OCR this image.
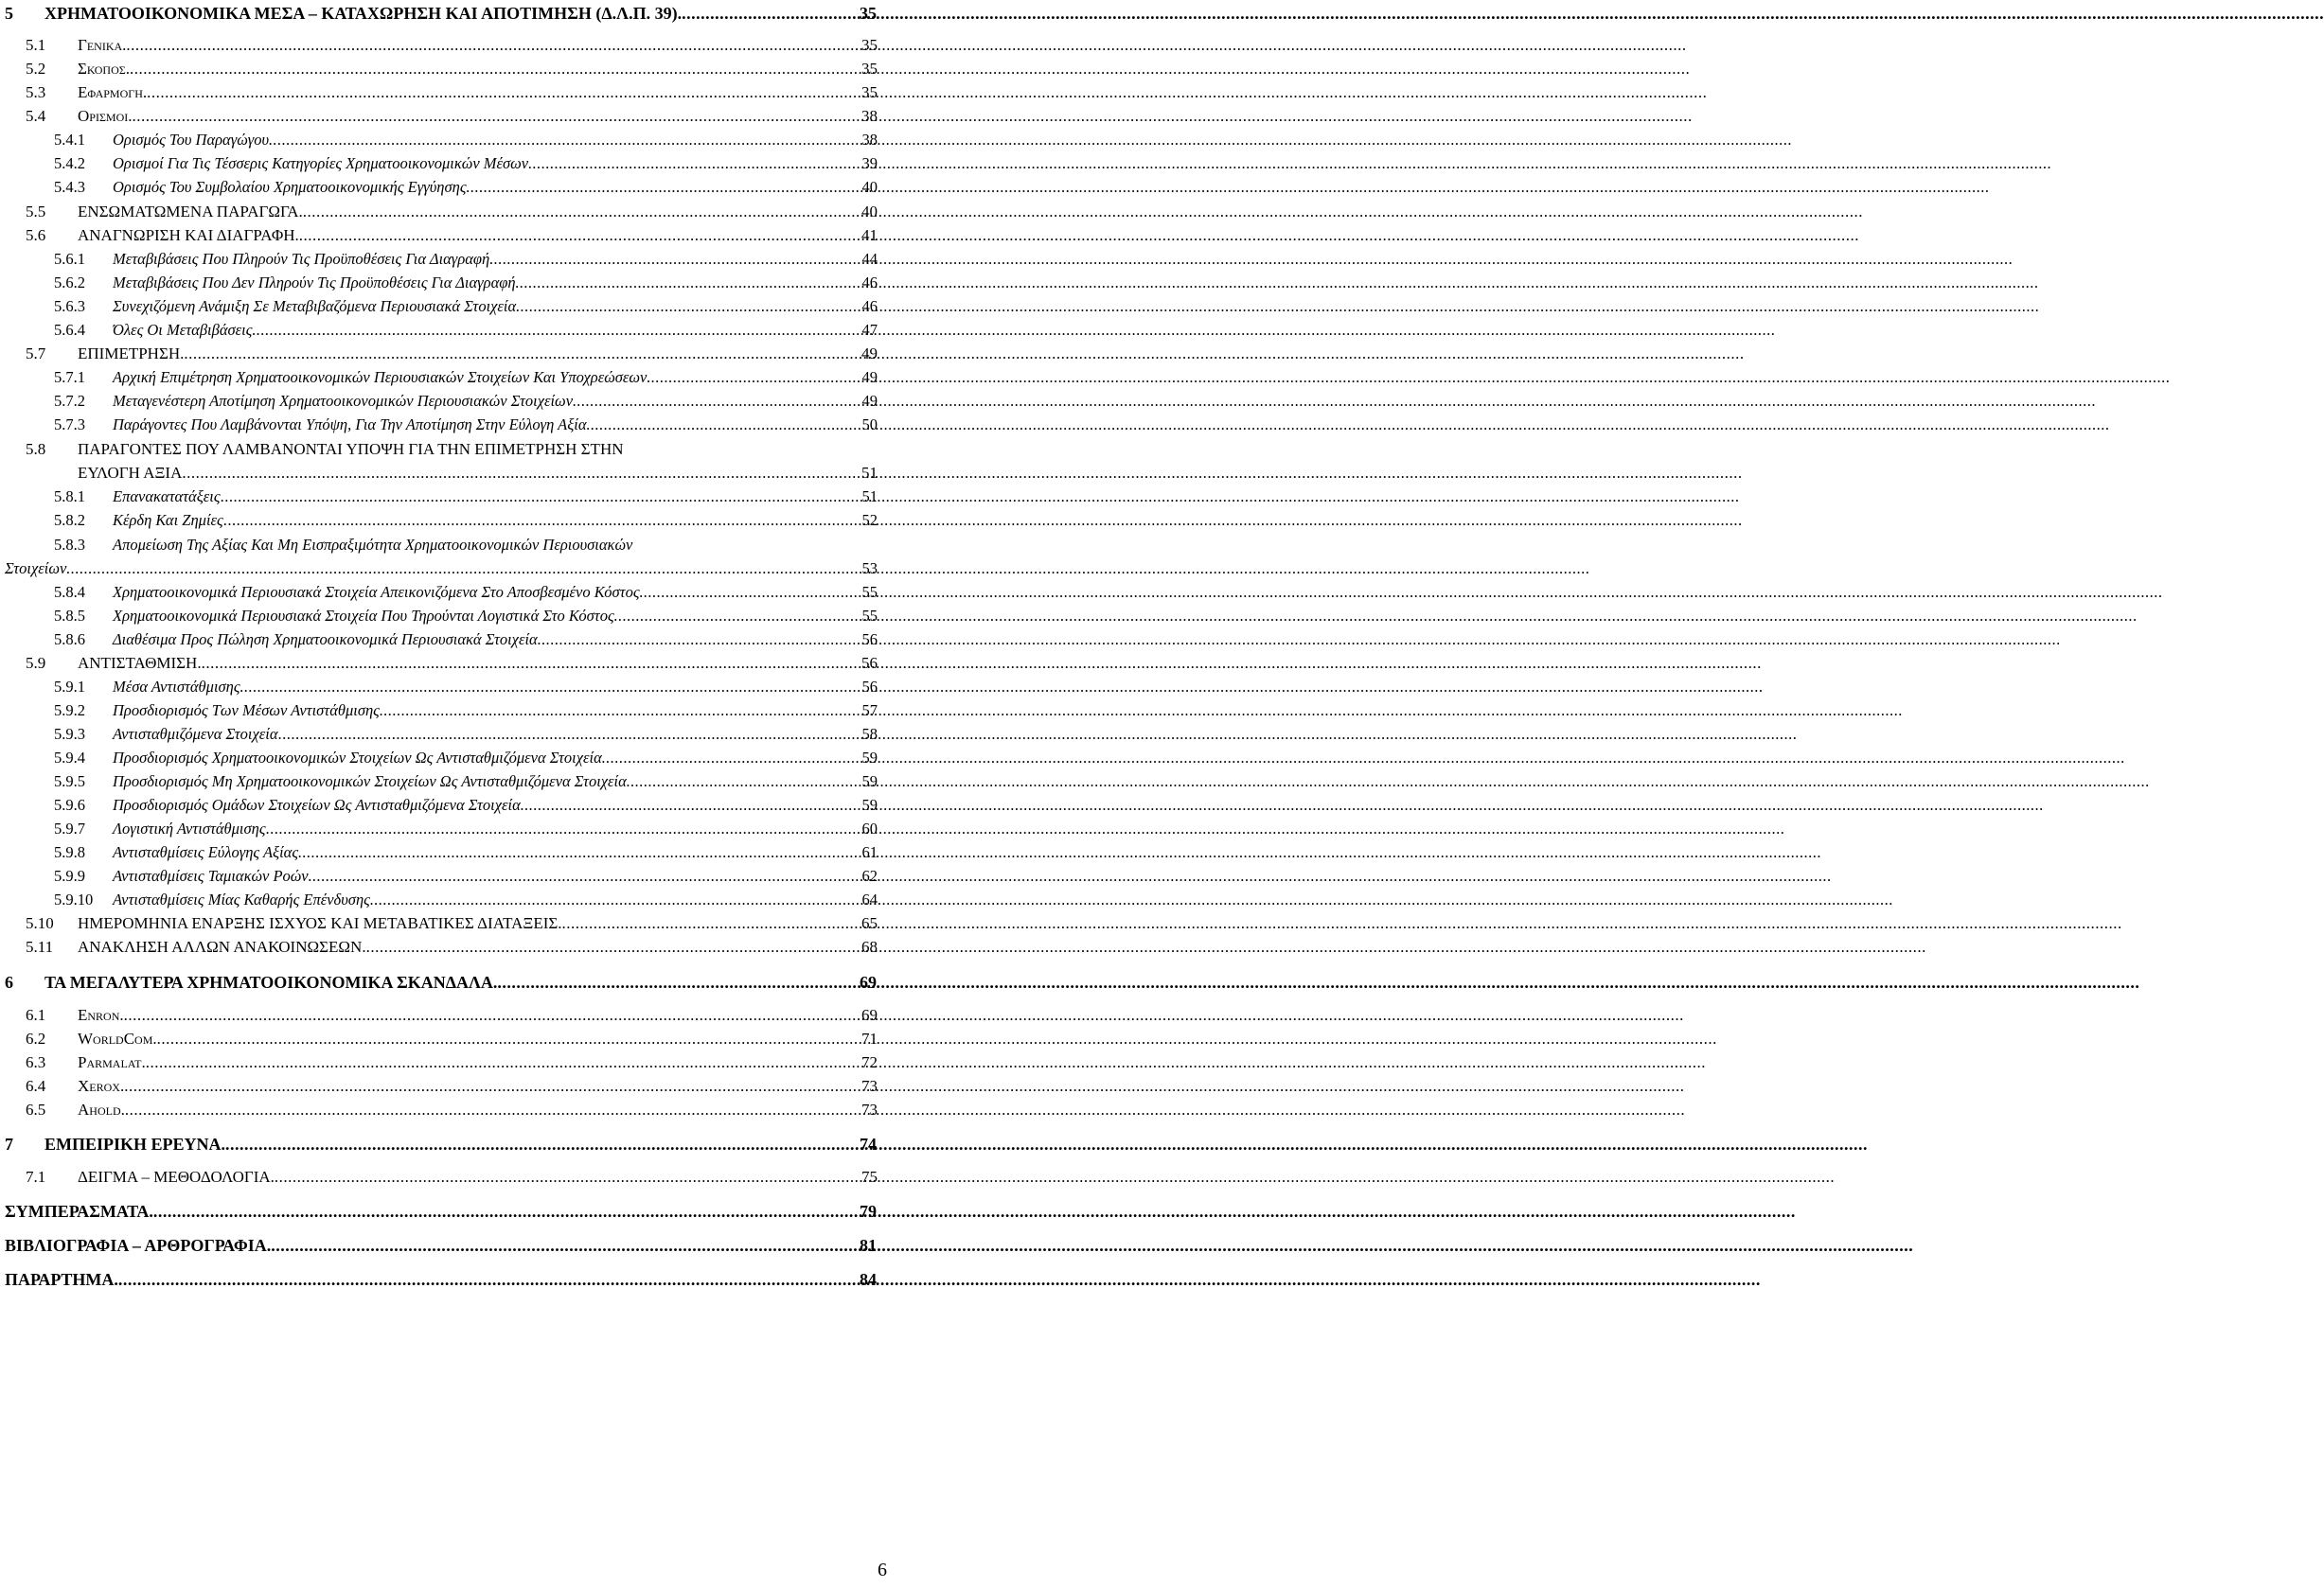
5	ΧΡΗΜΑΤΟΟΙΚΟΝΟΜΙΚΑ ΜΕΣΑ – ΚΑΤΑΧΩΡΗΣΗ ΚΑΙ ΑΠΟΤΙΜΗΣΗ (Δ.Λ.Π. 39). .....	35
5.1	Γενικα. .....	35
5.2	Σκοποσ. .....	35
5.3	Εφαρμογη. .....	35
5.4	Ορισμοι. .....	38
5.4.1	Ορισμός Του Παραγώγου. .....	38
5.4.2	Ορισμοί Για Τις Τέσσερις Κατηγορίες Χρηματοοικονομικών Μέσων. .....	39
5.4.3	Ορισμός Του Συμβολαίου Χρηματοοικονομικής Εγγύησης. .....	40
5.5	ΕΝΣΩΜΑΤΩΜΕΝΑ ΠΑΡΑΓΩΓΑ. .....	40
5.6	ΑΝΑΓΝΩΡΙΣΗ ΚΑΙ ΔΙΑΓΡΑΦΗ. .....	41
5.6.1	Μεταβιβάσεις Που Πληρούν Τις Προϋποθέσεις Για Διαγραφή. .....	44
5.6.2	Μεταβιβάσεις Που Δεν Πληρούν Τις Προϋποθέσεις Για Διαγραφή. .....	46
5.6.3	Συνεχιζόμενη Ανάμιξη Σε Μεταβιβαζόμενα Περιουσιακά Στοιχεία. .....	46
5.6.4	Όλες Οι Μεταβιβάσεις. .....	47
5.7	ΕΠΙΜΕΤΡΗΣΗ. .....	49
5.7.1	Αρχική Επιμέτρηση Χρηματοοικονομικών Περιουσιακών Στοιχείων Και Υποχρεώσεων. .....	49
5.7.2	Μεταγενέστερη Αποτίμηση Χρηματοοικονομικών Περιουσιακών Στοιχείων. .....	49
5.7.3	Παράγοντες Που Λαμβάνονται Υπόψη, Για Την Αποτίμηση Στην Εύλογη Αξία. .....	50
5.8 ΠΑΡΑΓΟΝΤΕΣ ΠΟΥ ΛΑΜΒΑΝΟΝΤΑΙ ΥΠΟΨΗ ΓΙΑ ΤΗΝ ΕΠΙΜΕΤΡΗΣΗ ΣΤΗΝ
ΕΥΛΟΓΗ ΑΞΙΑ .....	51
5.8.1	Επανακατατάξεις .....	51
5.8.2	Κέρδη Και Ζημίες .....	52
5.8.3 Απομείωση Της Αξίας Και Μη Εισπραξιμότητα Χρηματοοικονομικών Περιουσιακών
Στοιχείων. .....	53
5.8.4	Χρηματοοικονομικά Περιουσιακά Στοιχεία Απεικονιζόμενα Στο Αποσβεσμένο Κόστος. .....	55
5.8.5	Χρηματοοικονομικά Περιουσιακά Στοιχεία Που Τηρούνται Λογιστικά Στο Κόστος. .....	55
5.8.6	Διαθέσιμα Προς Πώληση Χρηματοοικονομικά Περιουσιακά Στοιχεία. .....	56
5.9	ΑΝΤΙΣΤΑΘΜΙΣΗ. .....	56
5.9.1	Μέσα Αντιστάθμισης. .....	56
5.9.2	Προσδιορισμός Των Μέσων Αντιστάθμισης. .....	57
5.9.3	Αντισταθμιζόμενα Στοιχεία .....	58
5.9.4	Προσδιορισμός Χρηματοοικονομικών Στοιχείων Ως Αντισταθμιζόμενα Στοιχεία. .....	59
5.9.5	Προσδιορισμός Μη Χρηματοοικονομικών Στοιχείων Ως Αντισταθμιζόμενα Στοιχεία. .....	59
5.9.6	Προσδιορισμός Ομάδων Στοιχείων Ως Αντισταθμιζόμενα Στοιχεία. .....	59
5.9.7	Λογιστική Αντιστάθμισης .....	60
5.9.8	Αντισταθμίσεις Εύλογης Αξίας. .....	61
5.9.9	Αντισταθμίσεις Ταμιακών Ροών. .....	62
5.9.10	Αντισταθμίσεις Μίας Καθαρής Επένδυσης. .....	64
5.10	ΗΜΕΡΟΜΗΝΙΑ ΕΝΑΡΞΗΣ ΙΣΧΥΟΣ ΚΑΙ ΜΕΤΑΒΑΤΙΚΕΣ ΔΙΑΤΑΞΕΙΣ. .....	65
5.11	ΑΝΑΚΛΗΣΗ ΑΛΛΩΝ ΑΝΑΚΟΙΝΩΣΕΩΝ. .....	68
6	ΤΑ ΜΕΓΑΛΥΤΕΡΑ ΧΡΗΜΑΤΟΟΙΚΟΝΟΜΙΚΑ ΣΚΑΝΔΑΛΑ. .....	69
6.1	Enron. .....	69
6.2	WorldCom. .....	71
6.3	Parmalat. .....	72
6.4	Xerox. .....	73
6.5	Ahold. .....	73
7	ΕΜΠΕΙΡΙΚΗ ΕΡΕΥΝΑ. .....	74
7.1	ΔΕΙΓΜΑ – ΜΕΘΟΔΟΛΟΓΙΑ. .....	75
ΣΥΜΠΕΡΑΣΜΑΤΑ. .....	79
ΒΙΒΛΙΟΓΡΑΦΙΑ – ΑΡΘΡΟΓΡΑΦΙΑ. .....	81
ΠΑΡΑΡΤΗΜΑ. .....	84
6
